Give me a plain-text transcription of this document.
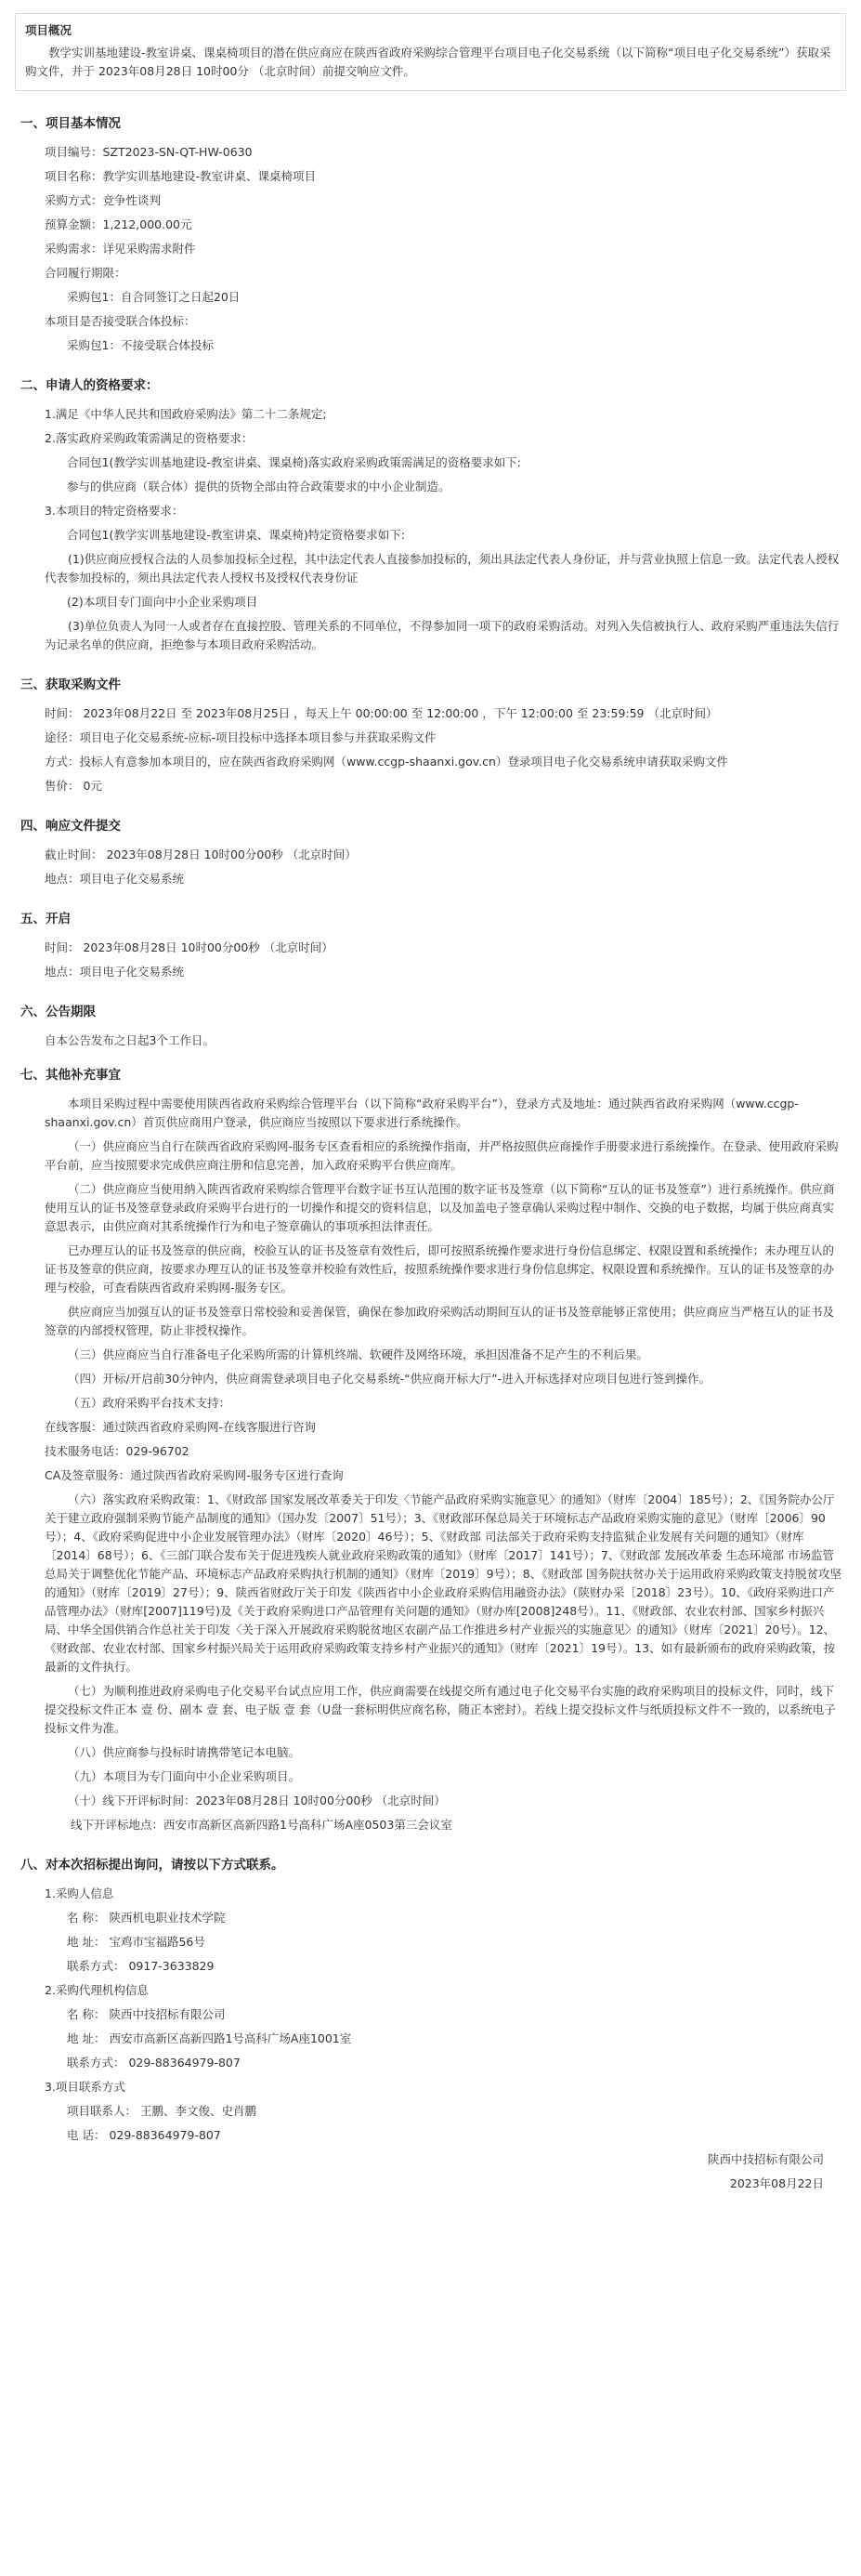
项目概况
教学实训基地建设-教室讲桌、课桌椅项目的潜在供应商应在陕西省政府采购综合管理平台项目电子化交易系统（以下简称“项目电子化交易系统”）获取采购文件，并于 2023年08月28日 10时00分 （北京时间）前提交响应文件。
一、项目基本情况
项目编号：SZT2023-SN-QT-HW-0630
项目名称：教学实训基地建设-教室讲桌、课桌椅项目
采购方式：竞争性谈判
预算金额：1,212,000.00元
采购需求：详见采购需求附件
合同履行期限：
采购包1：自合同签订之日起20日
本项目是否接受联合体投标：
采购包1：不接受联合体投标
二、申请人的资格要求：
1.满足《中华人民共和国政府采购法》第二十二条规定;
2.落实政府采购政策需满足的资格要求：
合同包1(教学实训基地建设-教室讲桌、课桌椅)落实政府采购政策需满足的资格要求如下:
参与的供应商（联合体）提供的货物全部由符合政策要求的中小企业制造。
3.本项目的特定资格要求：
合同包1(教学实训基地建设-教室讲桌、课桌椅)特定资格要求如下:
(1)供应商应授权合法的人员参加投标全过程，其中法定代表人直接参加投标的，须出具法定代表人身份证，并与营业执照上信息一致。法定代表人授权代表参加投标的，须出具法定代表人授权书及授权代表身份证
(2)本项目专门面向中小企业采购项目
(3)单位负责人为同一人或者存在直接控股、管理关系的不同单位，不得参加同一项下的政府采购活动。对列入失信被执行人、政府采购严重违法失信行为记录名单的供应商，拒绝参与本项目政府采购活动。
三、获取采购文件
时间： 2023年08月22日 至 2023年08月25日 ，每天上午 00:00:00 至 12:00:00 ，下午 12:00:00 至 23:59:59 （北京时间）
途径：项目电子化交易系统-应标-项目投标中选择本项目参与并获取采购文件
方式：投标人有意参加本项目的，应在陕西省政府采购网（www.ccgp-shaanxi.gov.cn）登录项目电子化交易系统申请获取采购文件
售价： 0元
四、响应文件提交
截止时间： 2023年08月28日 10时00分00秒 （北京时间）
地点：项目电子化交易系统
五、开启
时间： 2023年08月28日 10时00分00秒 （北京时间）
地点：项目电子化交易系统
六、公告期限
自本公告发布之日起3个工作日。
七、其他补充事宜
本项目采购过程中需要使用陕西省政府采购综合管理平台（以下简称“政府采购平台”），登录方式及地址：通过陕西省政府采购网（www.ccgp-shaanxi.gov.cn）首页供应商用户登录，供应商应当按照以下要求进行系统操作。
（一）供应商应当自行在陕西省政府采购网-服务专区查看相应的系统操作指南，并严格按照供应商操作手册要求进行系统操作。在登录、使用政府采购平台前，应当按照要求完成供应商注册和信息完善，加入政府采购平台供应商库。
（二）供应商应当使用纳入陕西省政府采购综合管理平台数字证书互认范围的数字证书及签章（以下简称“互认的证书及签章”）进行系统操作。供应商使用互认的证书及签章登录政府采购平台进行的一切操作和提交的资料信息，以及加盖电子签章确认采购过程中制作、交换的电子数据，均属于供应商真实意思表示，由供应商对其系统操作行为和电子签章确认的事项承担法律责任。
已办理互认的证书及签章的供应商，校验互认的证书及签章有效性后，即可按照系统操作要求进行身份信息绑定、权限设置和系统操作；未办理互认的证书及签章的供应商，按要求办理互认的证书及签章并校验有效性后，按照系统操作要求进行身份信息绑定、权限设置和系统操作。互认的证书及签章的办理与校验，可查看陕西省政府采购网-服务专区。
供应商应当加强互认的证书及签章日常校验和妥善保管，确保在参加政府采购活动期间互认的证书及签章能够正常使用；供应商应当严格互认的证书及签章的内部授权管理，防止非授权操作。
（三）供应商应当自行准备电子化采购所需的计算机终端、软硬件及网络环境，承担因准备不足产生的不利后果。
（四）开标/开启前30分钟内，供应商需登录项目电子化交易系统-“供应商开标大厅”-进入开标选择对应项目包进行签到操作。
（五）政府采购平台技术支持：
在线客服：通过陕西省政府采购网-在线客服进行咨询
技术服务电话：029-96702
CA及签章服务：通过陕西省政府采购网-服务专区进行查询
（六）落实政府采购政策：1、《财政部 国家发展改革委关于印发〈节能产品政府采购实施意见〉的通知》（财库〔2004〕185号）；2、《国务院办公厅关于建立政府强制采购节能产品制度的通知》（国办发〔2007〕51号）；3、《财政部环保总局关于环境标志产品政府采购实施的意见》（财库〔2006〕90号）；4、《政府采购促进中小企业发展管理办法》（财库〔2020〕46号）；5、《财政部 司法部关于政府采购支持监狱企业发展有关问题的通知》（财库〔2014〕68号）；6、《三部门联合发布关于促进残疾人就业政府采购政策的通知》（财库〔2017〕141号）；7、《财政部 发展改革委 生态环境部 市场监管总局关于调整优化节能产品、环境标志产品政府采购执行机制的通知》（财库〔2019〕9号）；8、《财政部 国务院扶贫办关于运用政府采购政策支持脱贫攻坚的通知》（财库〔2019〕27号）；9、陕西省财政厅关于印发《陕西省中小企业政府采购信用融资办法》（陕财办采〔2018〕23号）。10、《政府采购进口产品管理办法》（财库[2007]119号)及《关于政府采购进口产品管理有关问题的通知》（财办库[2008]248号）。11、《财政部、农业农村部、国家乡村振兴局、中华全国供销合作总社关于印发〈关于深入开展政府采购脱贫地区农副产品工作推进乡村产业振兴的实施意见〉的通知》（财库〔2021〕20号）。12、《财政部、农业农村部、国家乡村振兴局关于运用政府采购政策支持乡村产业振兴的通知》（财库〔2021〕19号）。13、如有最新颁布的政府采购政策，按最新的文件执行。
（七）为顺利推进政府采购电子化交易平台试点应用工作，供应商需要在线提交所有通过电子化交易平台实施的政府采购项目的投标文件，同时，线下提交投标文件正本 壹 份、副本 壹 套、电子版 壹 套（U盘一套标明供应商名称，随正本密封）。若线上提交投标文件与纸质投标文件不一致的，以系统电子投标文件为准。
（八）供应商参与投标时请携带笔记本电脑。
（九）本项目为专门面向中小企业采购项目。
（十）线下开评标时间：2023年08月28日 10时00分00秒 （北京时间）
线下开评标地点：西安市高新区高新四路1号高科广场A座0503第三会议室
八、对本次招标提出询问，请按以下方式联系。
1.采购人信息
名 称： 陕西机电职业技术学院
地 址： 宝鸡市宝福路56号
联系方式： 0917-3633829
2.采购代理机构信息
名 称： 陕西中技招标有限公司
地 址： 西安市高新区高新四路1号高科广场A座1001室
联系方式： 029-88364979-807
3.项目联系方式
项目联系人： 王鹏、李文俊、史肖鹏
电 话： 029-88364979-807
陕西中技招标有限公司
2023年08月22日
